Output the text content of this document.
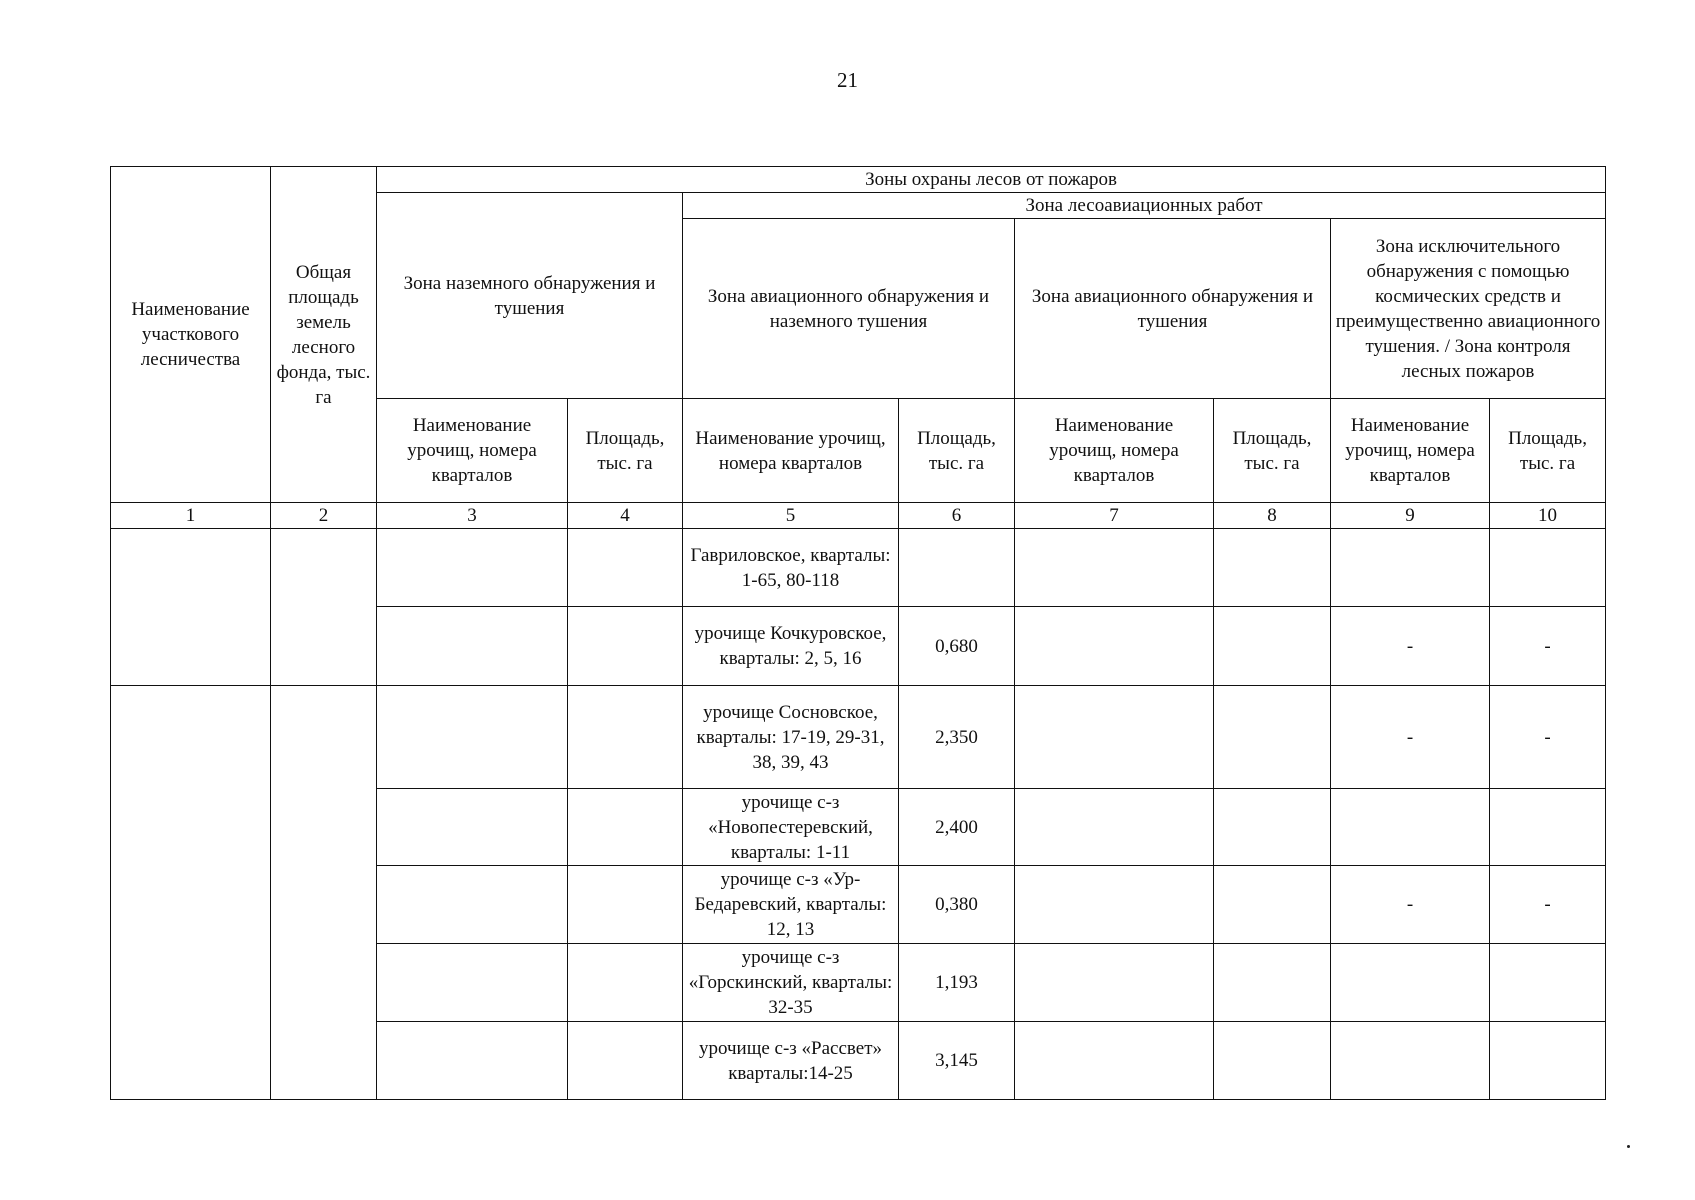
21
Наименование участкового лесничества	Общая площадь земель лесного фонда, тыс. га	Зоны охраны лесов от пожаров							
		Зона наземного обнаружения и тушения		Зона лесоавиационных работ					
				Зона авиационного обнаружения и наземного тушения		Зона авиационного обнаружения и тушения		Зона исключительного обнаружения с помощью космических средств и преимущественно авиационного тушения. / Зона контроля лесных пожаров	
		Наименование урочищ, номера кварталов	Площадь, тыс. га	Наименование урочищ, номера кварталов	Площадь, тыс. га	Наименование урочищ, номера кварталов	Площадь, тыс. га	Наименование урочищ, номера кварталов	Площадь, тыс. га
1	2	3	4	5	6	7	8	9	10
				Гавриловское, кварталы: 1-65, 80-118					
				урочище Кочкуровское, кварталы: 2, 5, 16	0,680			-	-
				урочище Сосновское, кварталы: 17-19, 29-31, 38, 39, 43	2,350			-	-
				урочище с-з «Новопестеревский, кварталы: 1-11	2,400				
				урочище с-з «Ур-Бедаревский, кварталы: 12, 13	0,380			-	-
				урочище с-з «Горскинский, кварталы: 32-35	1,193				
				урочище с-з «Рассвет» кварталы:14-25	3,145				
